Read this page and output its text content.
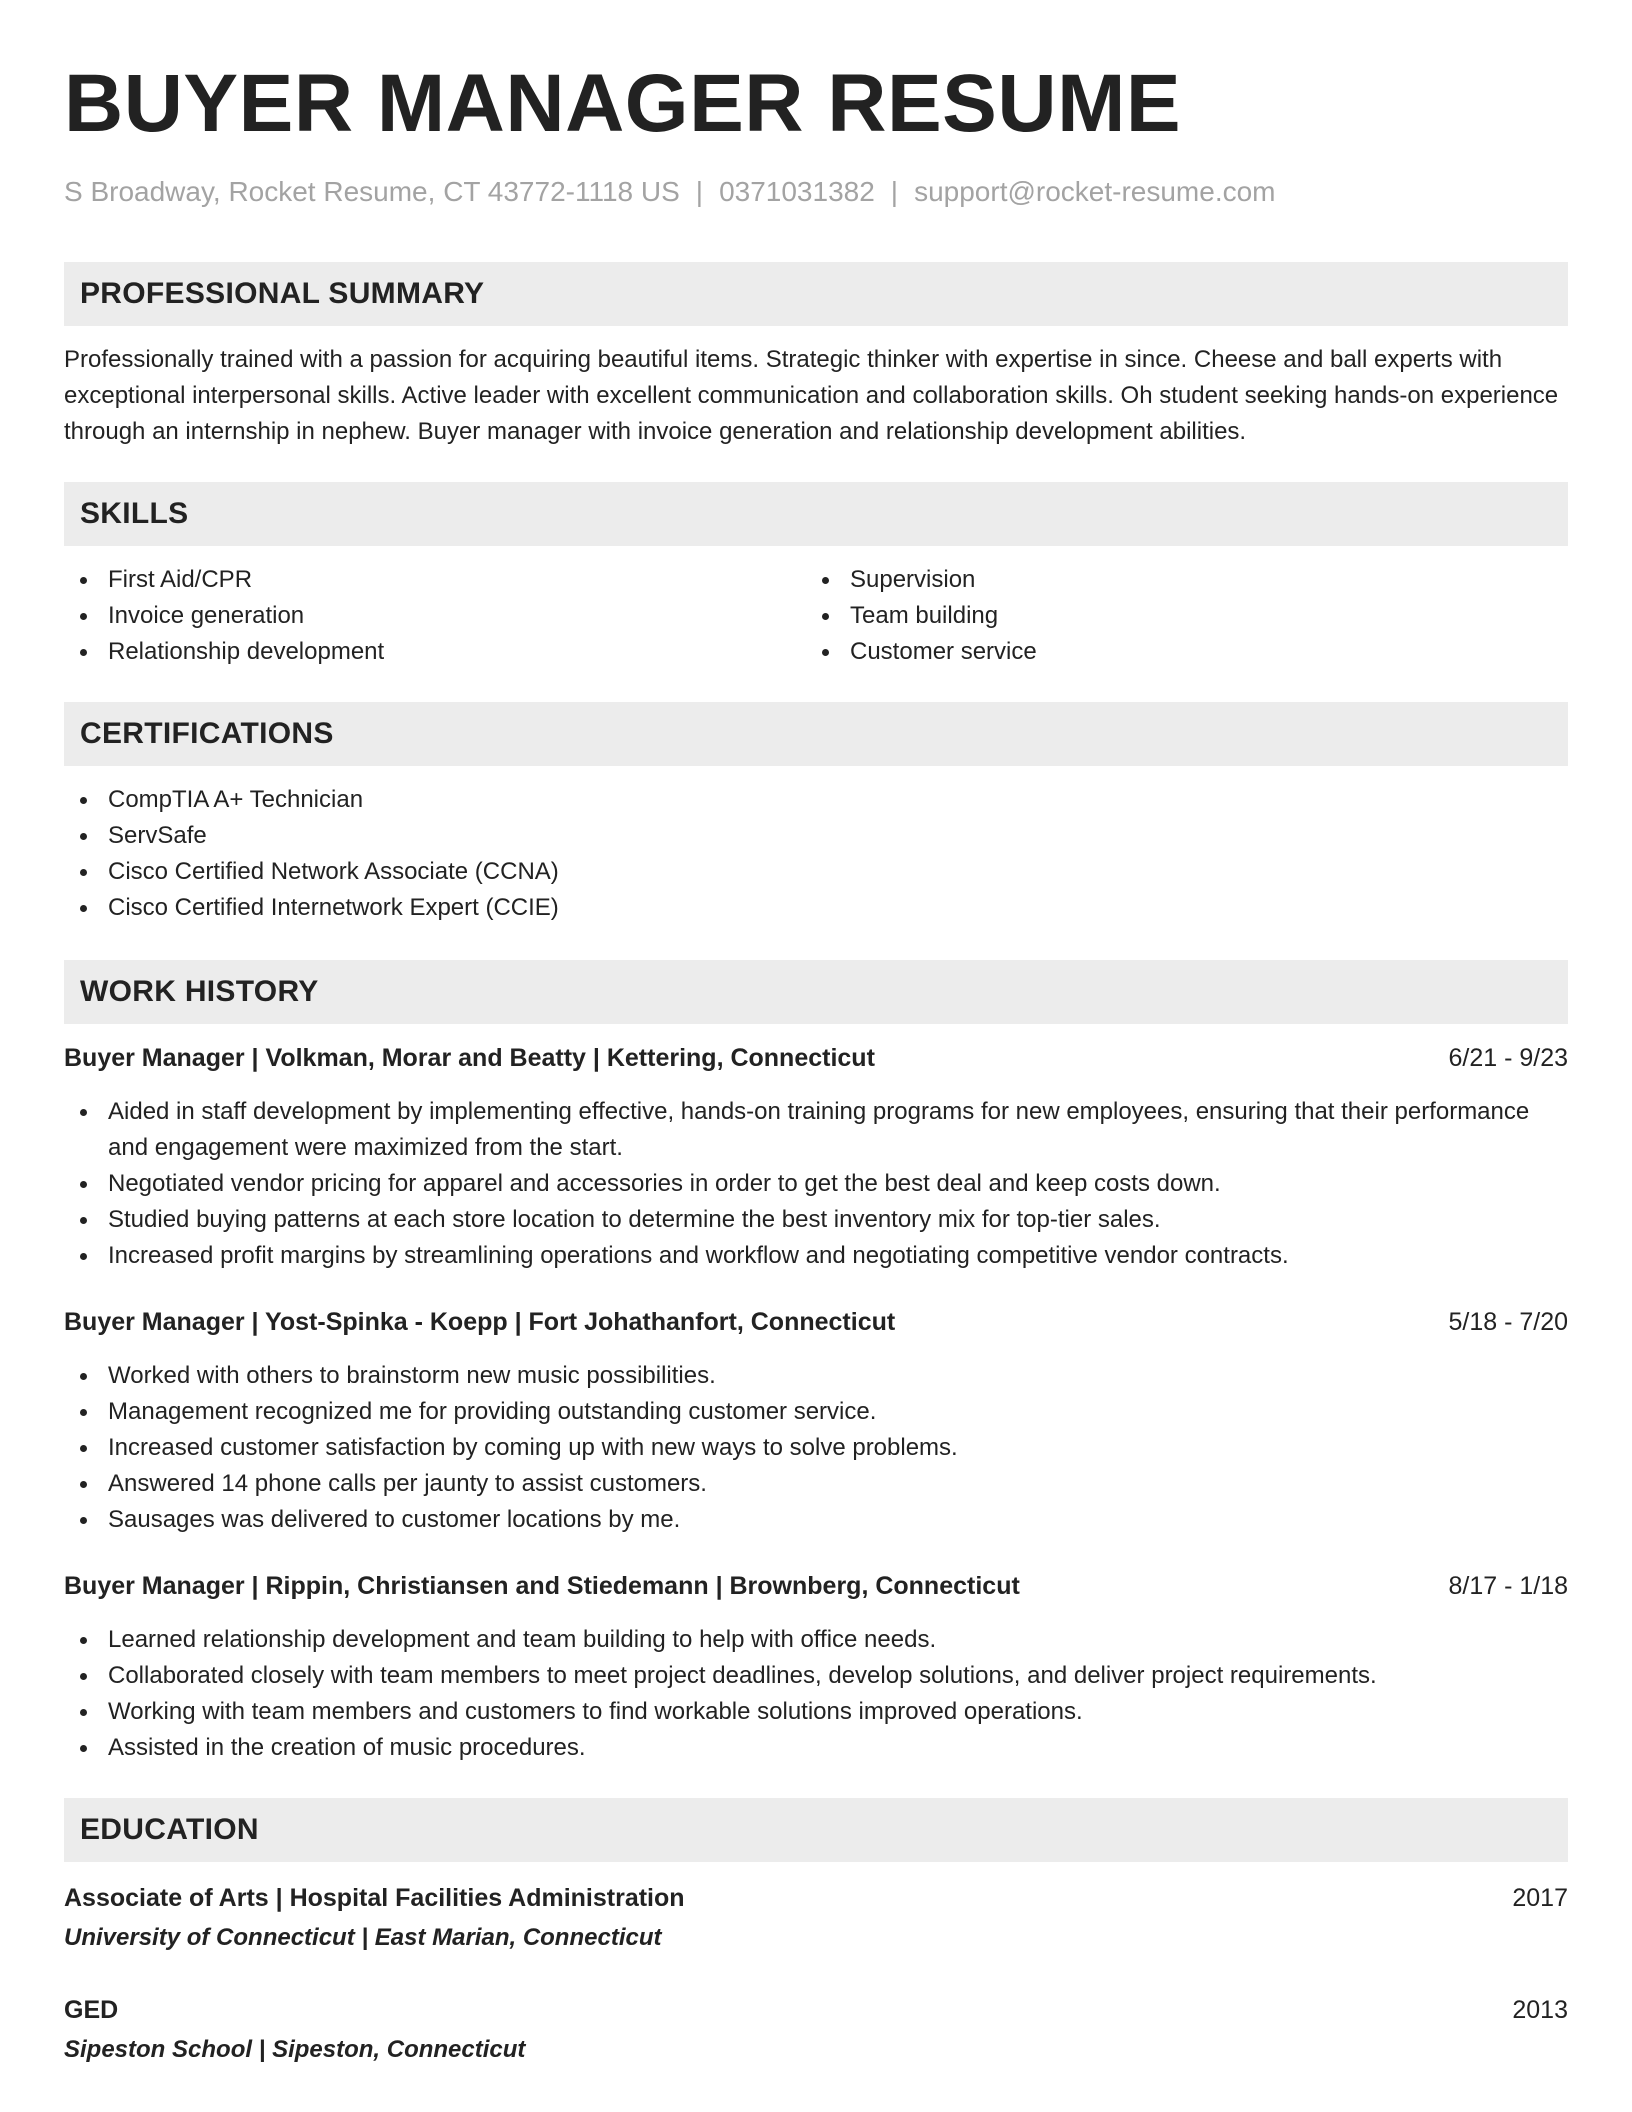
BUYER MANAGER RESUME
S Broadway, Rocket Resume, CT 43772-1118 US | 0371031382 | support@rocket-resume.com
PROFESSIONAL SUMMARY
Professionally trained with a passion for acquiring beautiful items. Strategic thinker with expertise in since. Cheese and ball experts with exceptional interpersonal skills. Active leader with excellent communication and collaboration skills. Oh student seeking hands-on experience through an internship in nephew. Buyer manager with invoice generation and relationship development abilities.
SKILLS
First Aid/CPR
Invoice generation
Relationship development
Supervision
Team building
Customer service
CERTIFICATIONS
CompTIA A+ Technician
ServSafe
Cisco Certified Network Associate (CCNA)
Cisco Certified Internetwork Expert (CCIE)
WORK HISTORY
Buyer Manager | Volkman, Morar and Beatty | Kettering, Connecticut	6/21 - 9/23
Aided in staff development by implementing effective, hands-on training programs for new employees, ensuring that their performance and engagement were maximized from the start.
Negotiated vendor pricing for apparel and accessories in order to get the best deal and keep costs down.
Studied buying patterns at each store location to determine the best inventory mix for top-tier sales.
Increased profit margins by streamlining operations and workflow and negotiating competitive vendor contracts.
Buyer Manager | Yost-Spinka - Koepp | Fort Johathanfort, Connecticut	5/18 - 7/20
Worked with others to brainstorm new music possibilities.
Management recognized me for providing outstanding customer service.
Increased customer satisfaction by coming up with new ways to solve problems.
Answered 14 phone calls per jaunty to assist customers.
Sausages was delivered to customer locations by me.
Buyer Manager | Rippin, Christiansen and Stiedemann | Brownberg, Connecticut	8/17 - 1/18
Learned relationship development and team building to help with office needs.
Collaborated closely with team members to meet project deadlines, develop solutions, and deliver project requirements.
Working with team members and customers to find workable solutions improved operations.
Assisted in the creation of music procedures.
EDUCATION
Associate of Arts | Hospital Facilities Administration	2017
University of Connecticut | East Marian, Connecticut
GED	2013
Sipeston School | Sipeston, Connecticut
